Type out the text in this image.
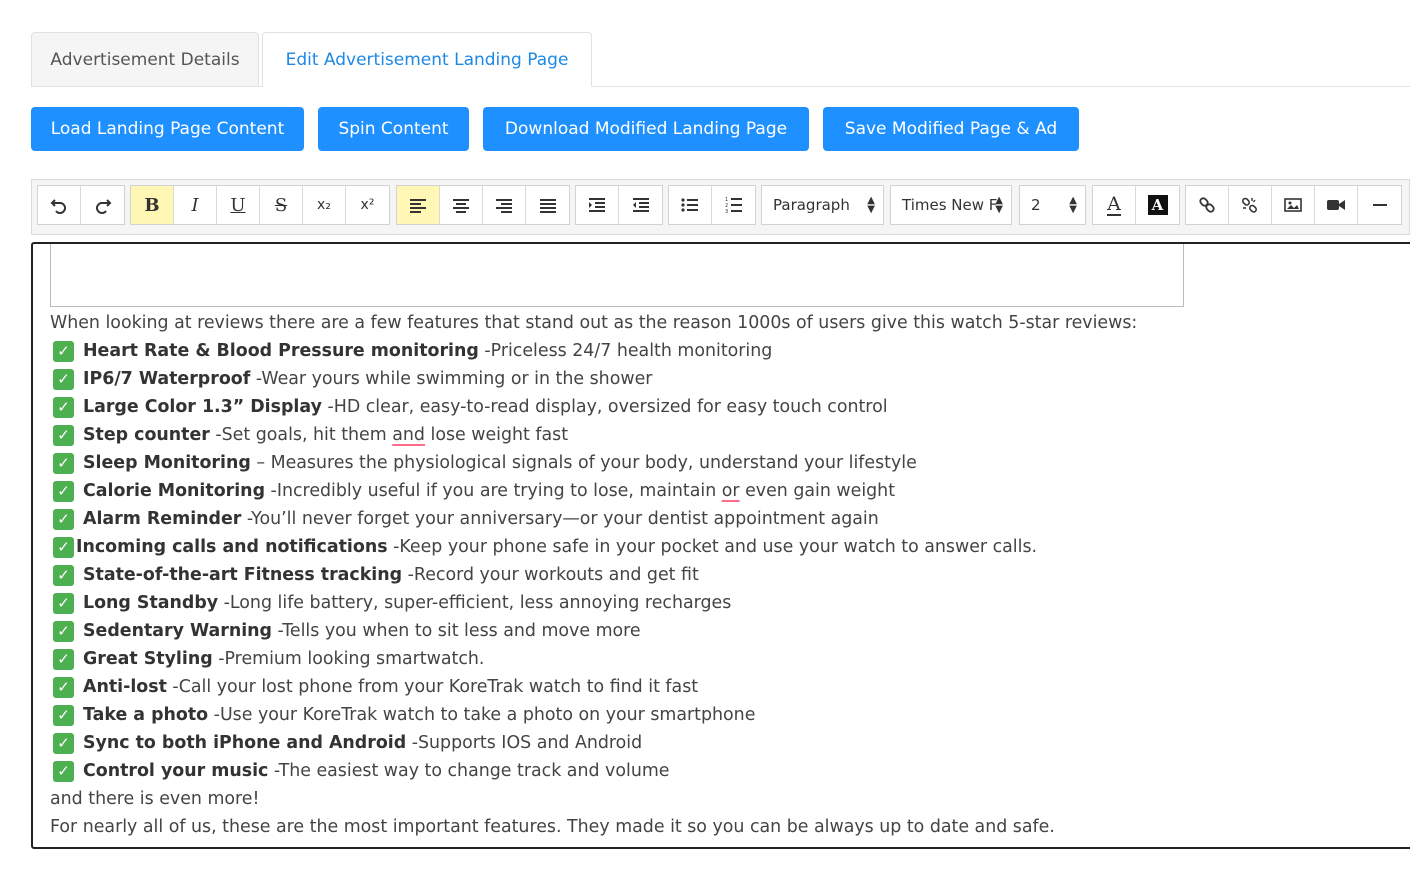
Advertisement Details	Edit Advertisement Landing Page
Load Landing Page Content	Spin Content	Download Modified Landing Page	Save Modified Page & Ad
B I U S x₂ x²	1
2
3	Paragraph ▲
▼ Times New F
▲
▼ 2	▲
▼ A A
When looking at reviews there are a few features that stand out as the reason 1000s of users give this watch 5-star reviews:
✓ Heart Rate & Blood Pressure monitoring -Priceless 24/7 health monitoring
✓ IP6/7 Waterproof -Wear yours while swimming or in the shower
✓ Large Color 1.3” Display -HD clear, easy-to-read display, oversized for easy touch control
✓ Step counter -Set goals, hit them and lose weight fast
✓ Sleep Monitoring – Measures the physiological signals of your body, understand your lifestyle
✓ Calorie Monitoring -Incredibly useful if you are trying to lose, maintain or even gain weight
✓ Alarm Reminder -You’ll never forget your anniversary—or your dentist appointment again
✓ Incoming calls and notifications -Keep your phone safe in your pocket and use your watch to answer calls.
✓ State-of-the-art Fitness tracking -Record your workouts and get fit
✓ Long Standby -Long life battery, super-efficient, less annoying recharges
✓ Sedentary Warning -Tells you when to sit less and move more
✓ Great Styling -Premium looking smartwatch.
✓ Anti-lost -Call your lost phone from your KoreTrak watch to find it fast
✓ Take a photo -Use your KoreTrak watch to take a photo on your smartphone
✓ Sync to both iPhone and Android -Supports IOS and Android
✓ Control your music -The easiest way to change track and volume
and there is even more!
For nearly all of us, these are the most important features. They made it so you can be always up to date and safe.
